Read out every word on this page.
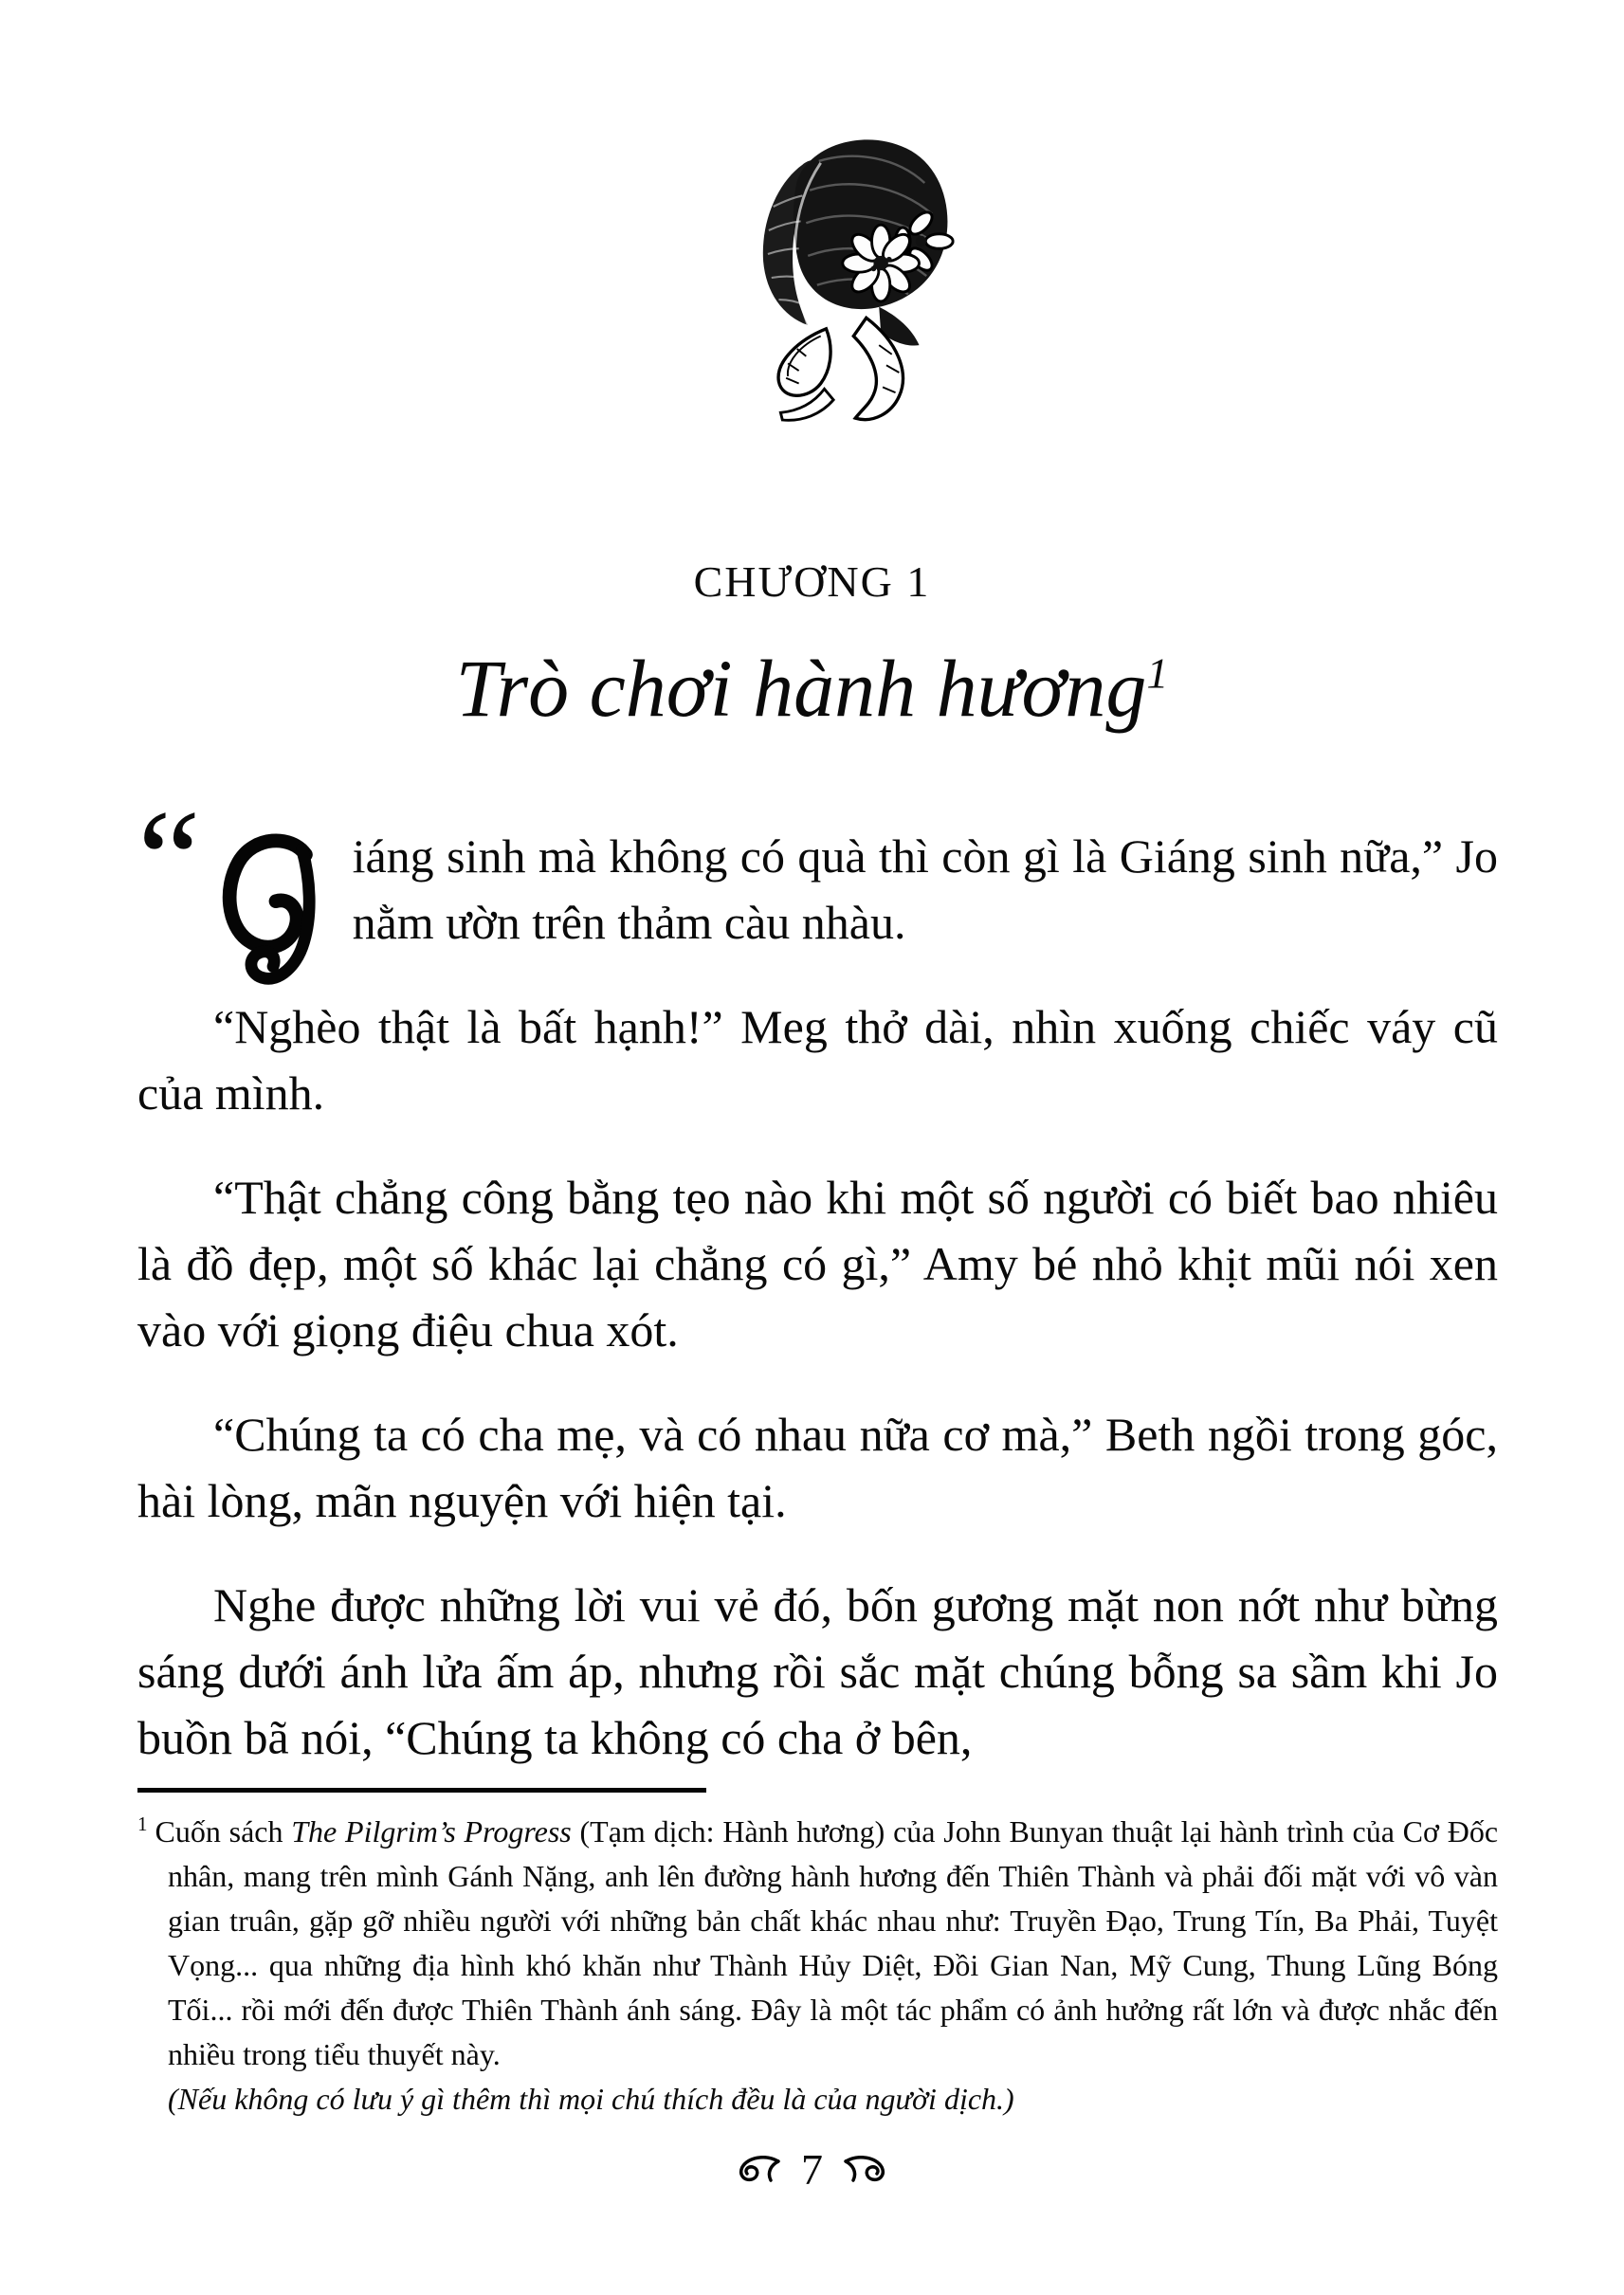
CHƯƠNG 1
Trò chơi hành hương$^1$

“	iáng sinh mà không có quà thì còn gì là Giáng sinh nữa,” Jo nằm ườn trên thảm càu nhàu.

“Nghèo thật là bất hạnh!” Meg thở dài, nhìn xuống chiếc váy cũ của mình.

“Thật chẳng công bằng tẹo nào khi một số người có biết bao nhiêu là đồ đẹp, một số khác lại chẳng có gì,” Amy bé nhỏ khịt mũi nói xen vào với giọng điệu chua xót.

“Chúng ta có cha mẹ, và có nhau nữa cơ mà,” Beth ngồi trong góc, hài lòng, mãn nguyện với hiện tại.

Nghe được những lời vui vẻ đó, bốn gương mặt non nớt như bừng sáng dưới ánh lửa ấm áp, nhưng rồi sắc mặt chúng bỗng sa sầm khi Jo buồn bã nói, “Chúng ta không có cha ở bên,

$^1$ Cuốn sách The Pilgrim’s Progress (Tạm dịch: Hành hương) của John Bunyan thuật lại hành trình của Cơ Đốc nhân, mang trên mình Gánh Nặng, anh lên đường hành hương đến Thiên Thành và phải đối mặt với vô vàn gian truân, gặp gỡ nhiều người với những bản chất khác nhau như: Truyền Đạo, Trung Tín, Ba Phải, Tuyệt Vọng... qua những địa hình khó khăn như Thành Hủy Diệt, Đồi Gian Nan, Mỹ Cung, Thung Lũng Bóng Tối... rồi mới đến được Thiên Thành ánh sáng. Đây là một tác phẩm có ảnh hưởng rất lớn và được nhắc đến nhiều trong tiểu thuyết này.
(Nếu không có lưu ý gì thêm thì mọi chú thích đều là của người dịch.)
7
